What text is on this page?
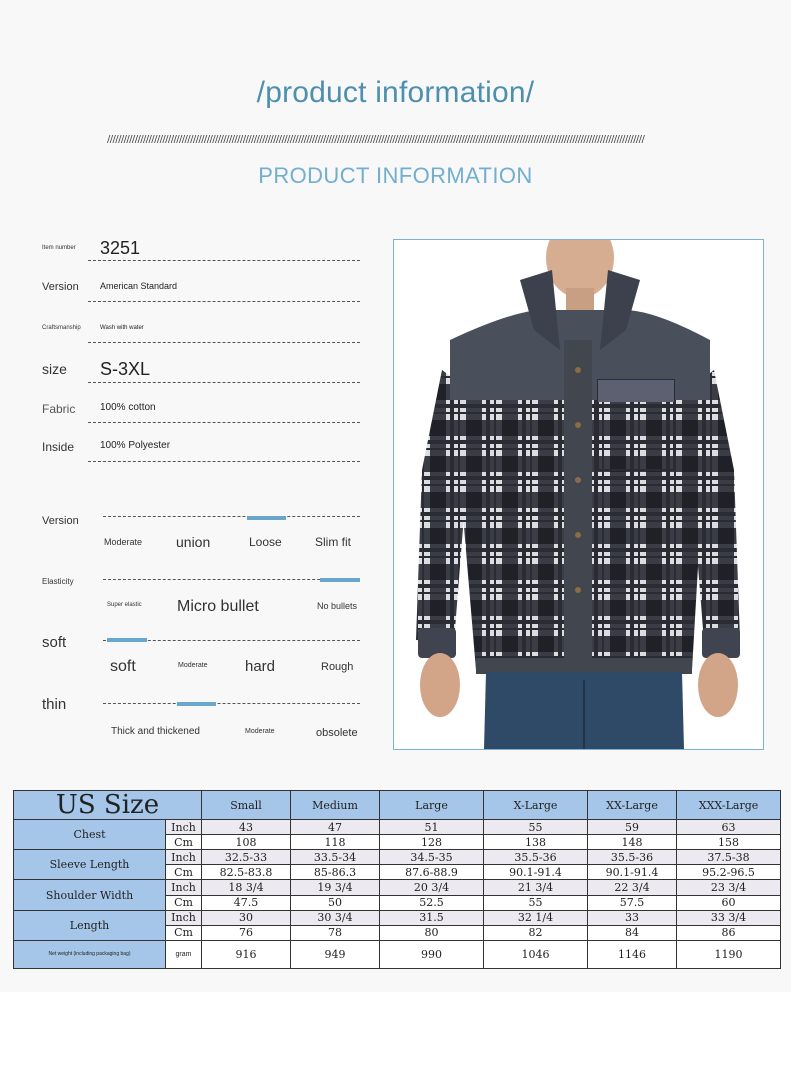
/product information/
//////////////////////////////////////////////////////////////////////////////////////////////////////////////////////////////////////////////////////////////////////////////////////////////////
PRODUCT INFORMATION
Item number 3251
Version American Standard
Craftsmanship	Wash with water
size S-3XL
Fabric 100% cotton
Inside	100% Polyester
Version
Moderate union	Loose	Slim fit
Elasticity
Super elastic Micro bullet	No bullets
soft
soft	Moderate hard	Rough
thin
Thick and thickened	Moderate	obsolete
US Size		Small	Medium	Large	X-Large	XX-Large	XXX-Large
Chest	Inch	43	47	51	55	59	63
	Cm	108	118	128	138	148	158
Sleeve Length	Inch	32.5-33	33.5-34	34.5-35	35.5-36	35.5-36	37.5-38
	Cm	82.5-83.8	85-86.3	87.6-88.9	90.1-91.4	90.1-91.4	95.2-96.5
Shoulder Width	Inch	18 3/4	19 3/4	20 3/4	21 3/4	22 3/4	23 3/4
	Cm	47.5	50	52.5	55	57.5	60
Length	Inch	30	30 3/4	31.5	32 1/4	33	33 3/4
	Cm	76	78	80	82	84	86
Net weight (including packaging bag)	gram	916	949	990	1046	1146	1190
